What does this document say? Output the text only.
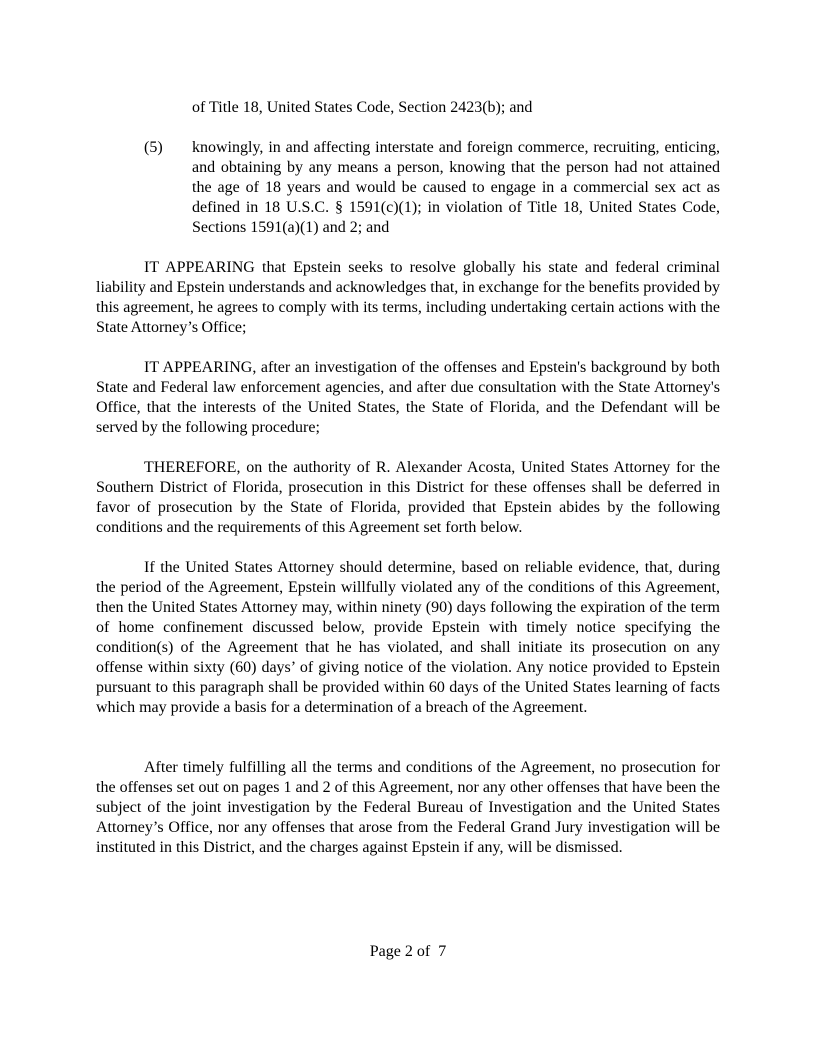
of Title 18, United States Code, Section 2423(b); and

(5) knowingly, in and affecting interstate and foreign commerce, recruiting, enticing, and obtaining by any means a person, knowing that the person had not attained the age of 18 years and would be caused to engage in a commercial sex act as defined in 18 U.S.C. § 1591(c)(1); in violation of Title 18, United States Code, Sections 1591(a)(1) and 2; and

IT APPEARING that Epstein seeks to resolve globally his state and federal criminal liability and Epstein understands and acknowledges that, in exchange for the benefits provided by this agreement, he agrees to comply with its terms, including undertaking certain actions with the State Attorney’s Office;

IT APPEARING, after an investigation of the offenses and Epstein's background by both State and Federal law enforcement agencies, and after due consultation with the State Attorney's Office, that the interests of the United States, the State of Florida, and the Defendant will be served by the following procedure;

THEREFORE, on the authority of R. Alexander Acosta, United States Attorney for the Southern District of Florida, prosecution in this District for these offenses shall be deferred in favor of prosecution by the State of Florida, provided that Epstein abides by the following conditions and the requirements of this Agreement set forth below.

If the United States Attorney should determine, based on reliable evidence, that, during the period of the Agreement, Epstein willfully violated any of the conditions of this Agreement, then the United States Attorney may, within ninety (90) days following the expiration of the term of home confinement discussed below, provide Epstein with timely notice specifying the condition(s) of the Agreement that he has violated, and shall initiate its prosecution on any offense within sixty (60) days’ of giving notice of the violation. Any notice provided to Epstein pursuant to this paragraph shall be provided within 60 days of the United States learning of facts which may provide a basis for a determination of a breach of the Agreement.

After timely fulfilling all the terms and conditions of the Agreement, no prosecution for the offenses set out on pages 1 and 2 of this Agreement, nor any other offenses that have been the subject of the joint investigation by the Federal Bureau of Investigation and the United States Attorney’s Office, nor any offenses that arose from the Federal Grand Jury investigation will be instituted in this District, and the charges against Epstein if any, will be dismissed.

Page 2 of  7
